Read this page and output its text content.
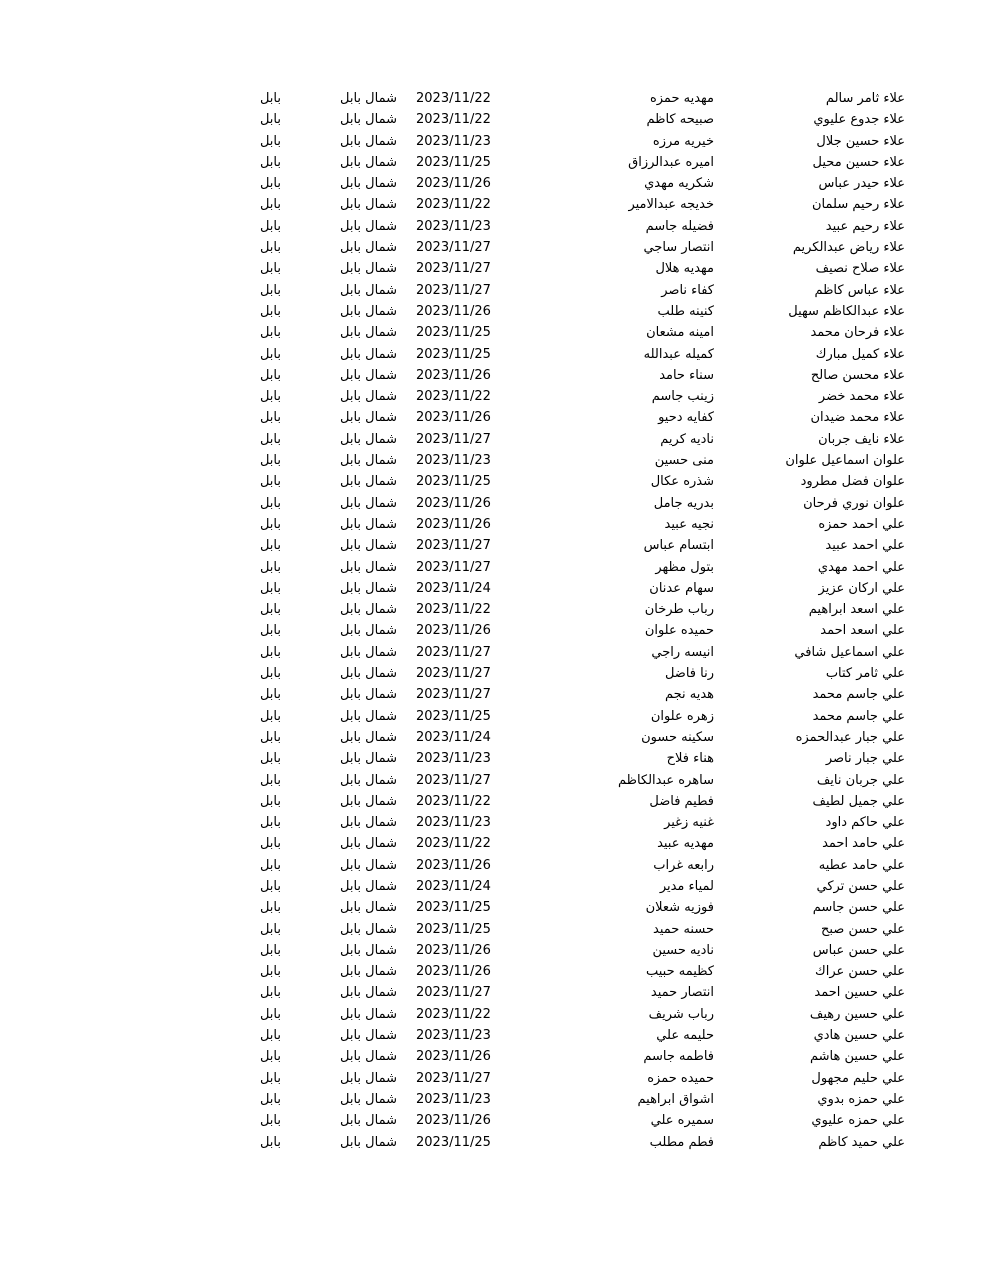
علاء ثامر سالم
مهديه حمزه
2023/11/22
شمال بابل
بابل
علاء جدوع عليوي
صبيحه كاظم
2023/11/22
شمال بابل
بابل
علاء حسين جلال
خيريه مرزه
2023/11/23
شمال بابل
بابل
علاء حسين محيل
اميره عبدالرزاق
2023/11/25
شمال بابل
بابل
علاء حيدر عباس
شكريه مهدي
2023/11/26
شمال بابل
بابل
علاء رحيم سلمان
خديجه عبدالامير
2023/11/22
شمال بابل
بابل
علاء رحيم عبيد
فضيله جاسم
2023/11/23
شمال بابل
بابل
علاء رياض عبدالكريم
انتصار ساجي
2023/11/27
شمال بابل
بابل
علاء صلاح نصيف
مهديه هلال
2023/11/27
شمال بابل
بابل
علاء عباس كاظم
كفاء ناصر
2023/11/27
شمال بابل
بابل
علاء عبدالكاظم سهيل
كنينه طلب
2023/11/26
شمال بابل
بابل
علاء فرحان محمد
امينه مشعان
2023/11/25
شمال بابل
بابل
علاء كميل مبارك
كميله عبدالله
2023/11/25
شمال بابل
بابل
علاء محسن صالح
سناء حامد
2023/11/26
شمال بابل
بابل
علاء محمد خضر
زينب جاسم
2023/11/22
شمال بابل
بابل
علاء محمد ضيدان
كفايه دحيو
2023/11/26
شمال بابل
بابل
علاء نايف جربان
ناديه كريم
2023/11/27
شمال بابل
بابل
علوان اسماعيل علوان
منى حسين
2023/11/23
شمال بابل
بابل
علوان فضل مطرود
شذره عكال
2023/11/25
شمال بابل
بابل
علوان نوري فرحان
بدريه جامل
2023/11/26
شمال بابل
بابل
علي احمد حمزه
نجيه عبيد
2023/11/26
شمال بابل
بابل
علي احمد عبيد
ابتسام عباس
2023/11/27
شمال بابل
بابل
علي احمد مهدي
بتول مظهر
2023/11/27
شمال بابل
بابل
علي اركان عزيز
سهام عدنان
2023/11/24
شمال بابل
بابل
علي اسعد ابراهيم
رباب طرخان
2023/11/22
شمال بابل
بابل
علي اسعد احمد
حميده علوان
2023/11/26
شمال بابل
بابل
علي اسماعيل شافي
انيسه راجي
2023/11/27
شمال بابل
بابل
علي ثامر كتاب
رنا فاضل
2023/11/27
شمال بابل
بابل
علي جاسم محمد
هديه نجم
2023/11/27
شمال بابل
بابل
علي جاسم محمد
زهره علوان
2023/11/25
شمال بابل
بابل
علي جبار عبدالحمزه
سكينه حسون
2023/11/24
شمال بابل
بابل
علي جبار ناصر
هناء فلاح
2023/11/23
شمال بابل
بابل
علي جربان نايف
ساهره عبدالكاظم
2023/11/27
شمال بابل
بابل
علي جميل لطيف
فطيم فاضل
2023/11/22
شمال بابل
بابل
علي حاكم داود
غنيه زغير
2023/11/23
شمال بابل
بابل
علي حامد احمد
مهديه عبيد
2023/11/22
شمال بابل
بابل
علي حامد عطيه
رابعه غراب
2023/11/26
شمال بابل
بابل
علي حسن تركي
لمياء مدير
2023/11/24
شمال بابل
بابل
علي حسن جاسم
فوزيه شعلان
2023/11/25
شمال بابل
بابل
علي حسن صبح
حسنه حميد
2023/11/25
شمال بابل
بابل
علي حسن عباس
ناديه حسين
2023/11/26
شمال بابل
بابل
علي حسن عراك
كظيمه حبيب
2023/11/26
شمال بابل
بابل
علي حسين احمد
انتصار حميد
2023/11/27
شمال بابل
بابل
علي حسين رهيف
رباب شريف
2023/11/22
شمال بابل
بابل
علي حسين هادي
حليمه علي
2023/11/23
شمال بابل
بابل
علي حسين هاشم
فاطمه جاسم
2023/11/26
شمال بابل
بابل
علي حليم مجهول
حميده حمزه
2023/11/27
شمال بابل
بابل
علي حمزه بدوي
اشواق ابراهيم
2023/11/23
شمال بابل
بابل
علي حمزه عليوي
سميره علي
2023/11/26
شمال بابل
بابل
علي حميد كاظم
فطم مطلب
2023/11/25
شمال بابل
بابل
